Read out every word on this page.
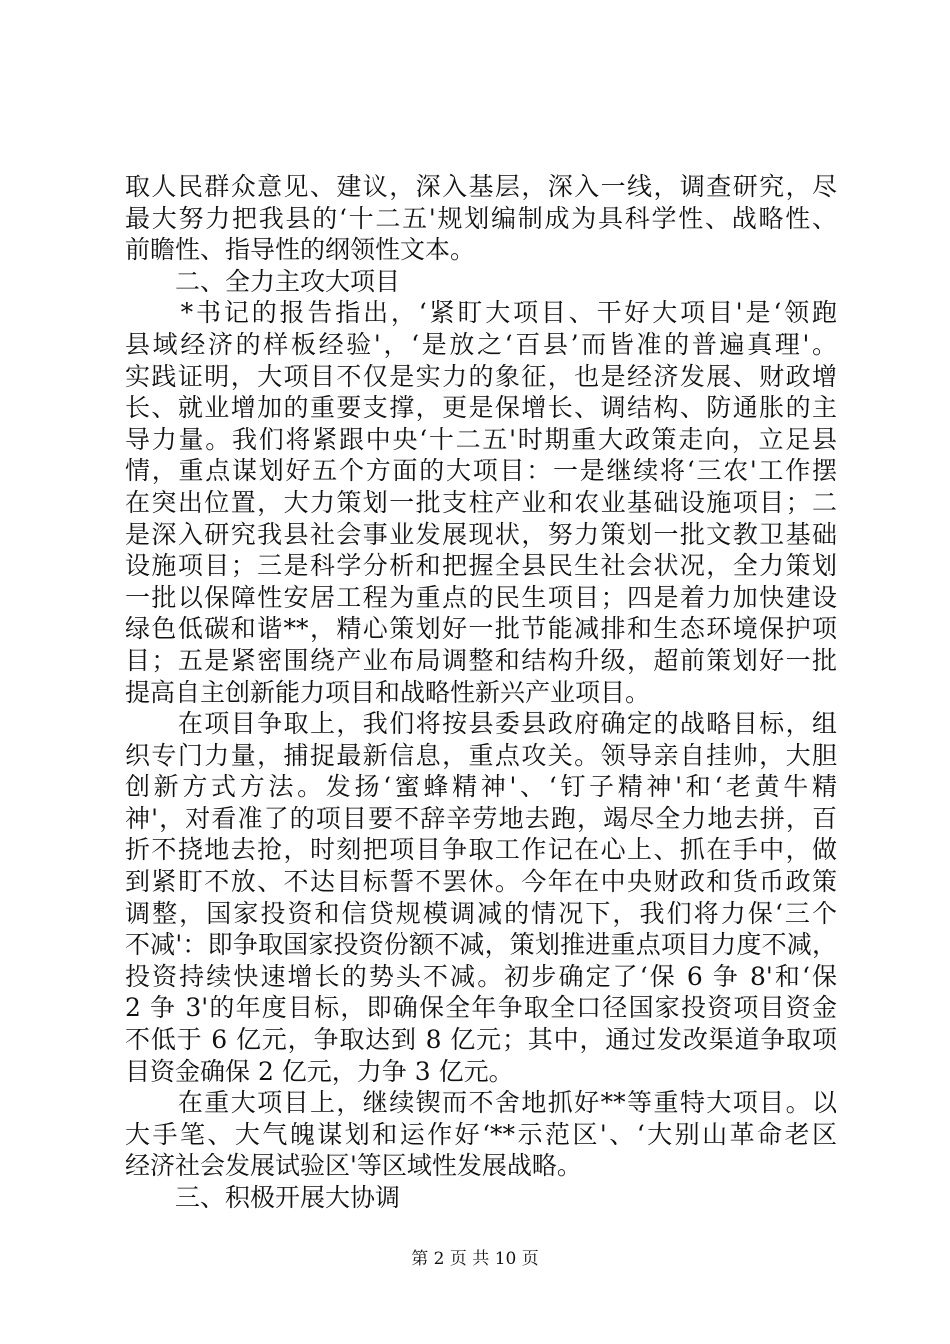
取人民群众意见、建议，深入基层，深入一线，调查研究，尽
最大努力把我县的‘十二五'规划编制成为具科学性、战略性、
前瞻性、指导性的纲领性文本。
　　二、全力主攻大项目
　　*书记的报告指出，‘紧盯大项目、干好大项目'是‘领跑
县域经济的样板经验'，‘是放之‘百县’而皆准的普遍真理'。
实践证明，大项目不仅是实力的象征，也是经济发展、财政增
长、就业增加的重要支撑，更是保增长、调结构、防通胀的主
导力量。我们将紧跟中央‘十二五'时期重大政策走向，立足县
情，重点谋划好五个方面的大项目：一是继续将‘三农'工作摆
在突出位置，大力策划一批支柱产业和农业基础设施项目；二
是深入研究我县社会事业发展现状，努力策划一批文教卫基础
设施项目；三是科学分析和把握全县民生社会状况，全力策划
一批以保障性安居工程为重点的民生项目；四是着力加快建设
绿色低碳和谐**，精心策划好一批节能减排和生态环境保护项
目；五是紧密围绕产业布局调整和结构升级，超前策划好一批
提高自主创新能力项目和战略性新兴产业项目。
　　在项目争取上，我们将按县委县政府确定的战略目标，组
织专门力量，捕捉最新信息，重点攻关。领导亲自挂帅，大胆
创新方式方法。发扬‘蜜蜂精神'、‘钉子精神'和‘老黄牛精
神'，对看准了的项目要不辞辛劳地去跑，竭尽全力地去拼，百
折不挠地去抢，时刻把项目争取工作记在心上、抓在手中，做
到紧盯不放、不达目标誓不罢休。今年在中央财政和货币政策
调整，国家投资和信贷规模调减的情况下，我们将力保‘三个
不减'：即争取国家投资份额不减，策划推进重点项目力度不减，
投资持续快速增长的势头不减。初步确定了‘保 6 争 8'和‘保
2 争 3'的年度目标，即确保全年争取全口径国家投资项目资金
不低于 6 亿元，争取达到 8 亿元；其中，通过发改渠道争取项
目资金确保 2 亿元，力争 3 亿元。
　　在重大项目上，继续锲而不舍地抓好**等重特大项目。以
大手笔、大气魄谋划和运作好‘**示范区'、‘大别山革命老区
经济社会发展试验区'等区域性发展战略。
　　三、积极开展大协调
第 2 页 共 10 页
